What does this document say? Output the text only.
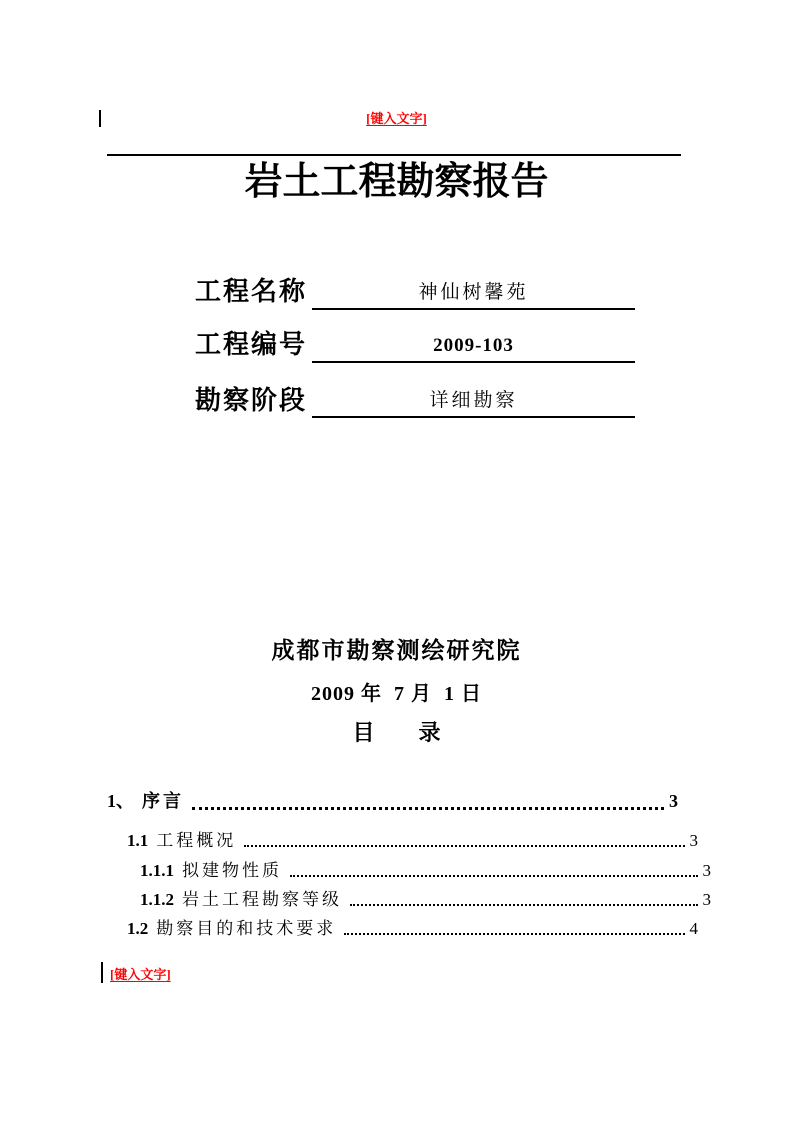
[键入文字]
岩土工程勘察报告
工程名称	神仙树馨苑
工程编号	2009-103
勘察阶段	详细勘察
成都市勘察测绘研究院
2009 年  7 月  1 日
目　　录
1、 序言	3
1.1 工程概况	3
1.1.1 拟建物性质	3
1.1.2 岩土工程勘察等级	3
1.2 勘察目的和技术要求	4
[键入文字]
